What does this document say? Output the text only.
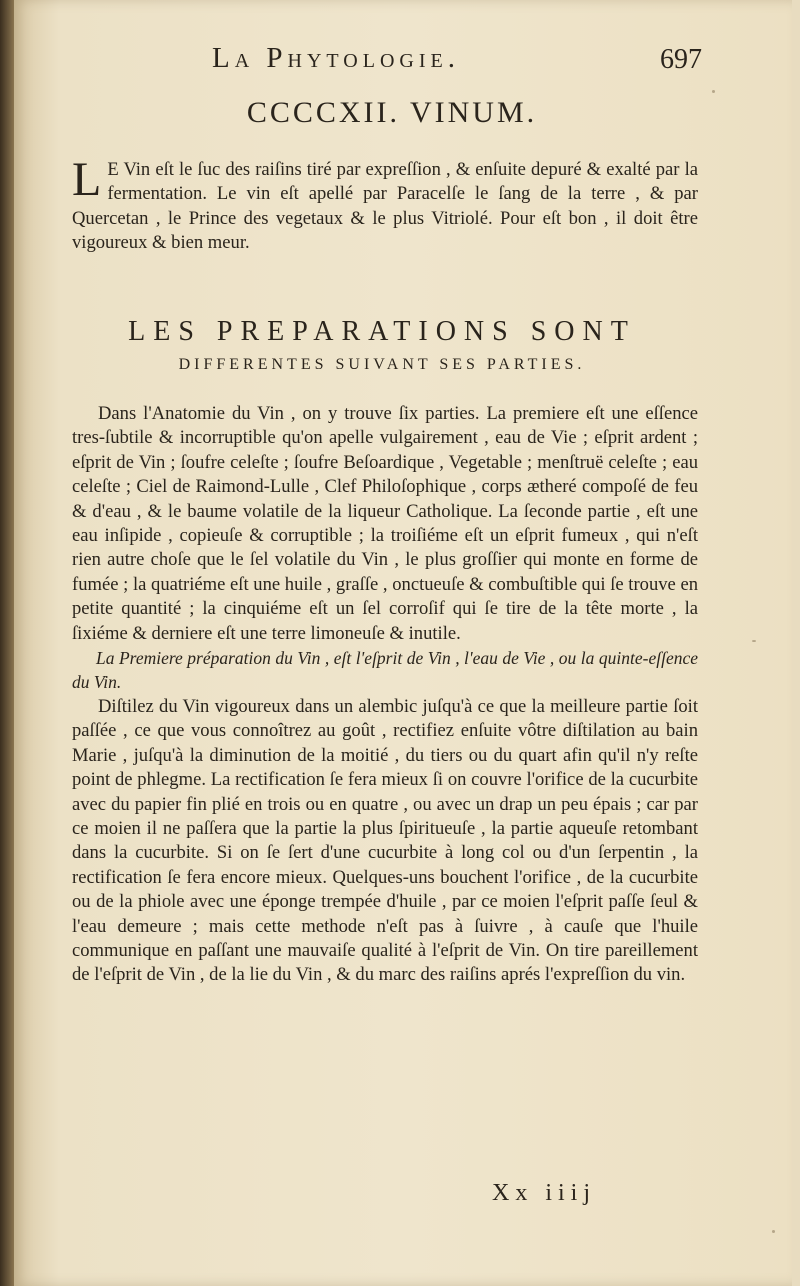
La Phytologie.	697
CCCCXII. VINUM.
L E Vin eſt le ſuc des raiſins tiré par expreſſion , & enſuite depuré & exalté par la fermentation. Le vin eſt apellé par Paracelſe le ſang de la terre , & par Quercetan , le Prince des vegetaux & le plus Vitriolé. Pour eſt bon , il doit être vigoureux & bien meur.
LES PREPARATIONS SONT
DIFFERENTES SUIVANT SES PARTIES.

Dans l'Anatomie du Vin , on y trouve ſix parties. La premiere eſt une eſſence tres-ſubtile & incorruptible qu'on apelle vulgairement , eau de Vie ; eſprit ardent ; eſprit de Vin ; ſoufre celeſte ; ſoufre Beſoardique , Vegetable ; menſtruë celeſte ; eau celeſte ; Ciel de Raimond-Lulle , Clef Philoſophique , corps ætheré compoſé de feu & d'eau , & le baume volatile de la liqueur Catholique. La ſeconde partie , eſt une eau inſipide , copieuſe & corruptible ; la troiſiéme eſt un eſprit fumeux , qui n'eſt rien autre choſe que le ſel volatile du Vin , le plus groſſier qui monte en forme de fumée ; la quatriéme eſt une huile , graſſe , onctueuſe & combuſtible qui ſe trouve en petite quantité ; la cinquiéme eſt un ſel corroſif qui ſe tire de la tête morte , la ſixiéme & derniere eſt une terre limoneuſe & inutile.

La Premiere préparation du Vin , eſt l'eſprit de Vin , l'eau de Vie , ou la quinte-eſſence du Vin.

Diſtilez du Vin vigoureux dans un alembic juſqu'à ce que la meilleure partie ſoit paſſée , ce que vous connoîtrez au goût , rectifiez enſuite vôtre diſtilation au bain Marie , juſqu'à la diminution de la moitié , du tiers ou du quart afin qu'il n'y reſte point de phlegme. La rectification ſe fera mieux ſi on couvre l'orifice de la cucurbite avec du papier fin plié en trois ou en quatre , ou avec un drap un peu épais ; car par ce moien il ne paſſera que la partie la plus ſpiritueuſe , la partie aqueuſe retombant dans la cucurbite. Si on ſe ſert d'une cucurbite à long col ou d'un ſerpentin , la rectification ſe fera encore mieux. Quelques-uns bouchent l'orifice , de la cucurbite ou de la phiole avec une éponge trempée d'huile , par ce moien l'eſprit paſſe ſeul & l'eau demeure ; mais cette methode n'eſt pas à ſuivre , à cauſe que l'huile communique en paſſant une mauvaiſe qualité à l'eſprit de Vin. On tire pareillement de l'eſprit de Vin , de la lie du Vin , & du marc des raiſins aprés l'expreſſion du vin.

Xx iiij
